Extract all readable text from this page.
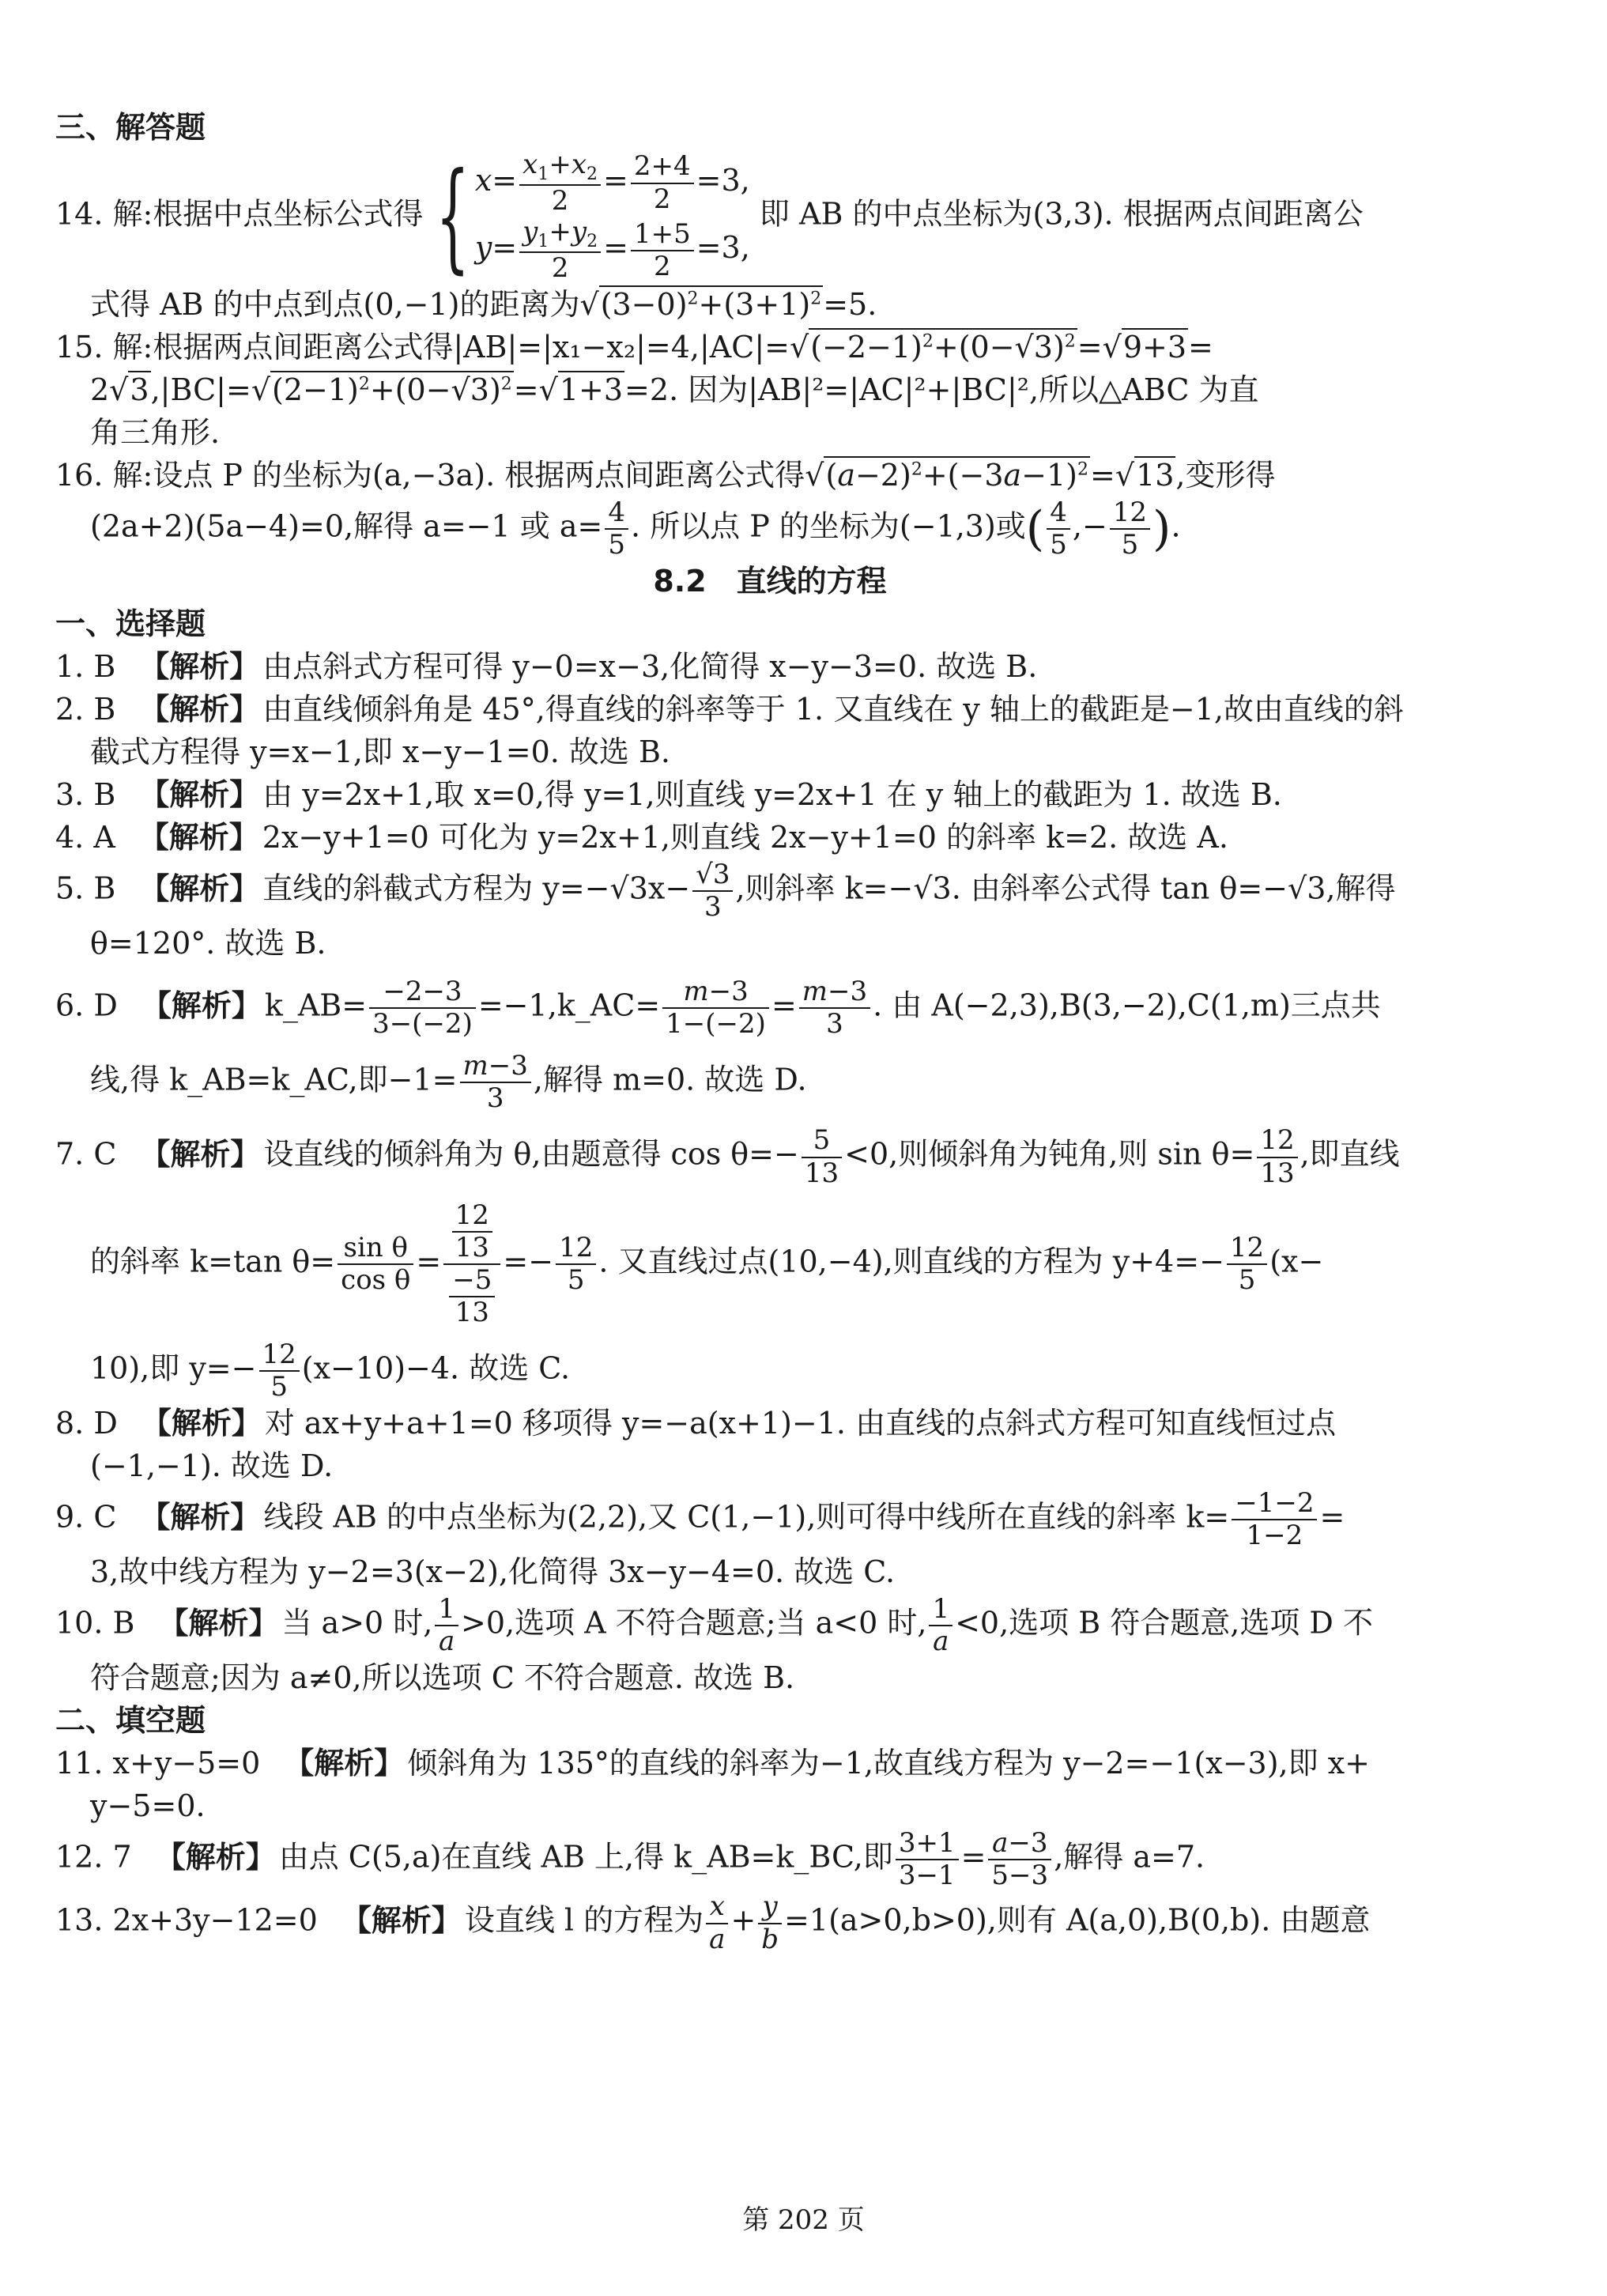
三、解答题

14. 解:根据中点坐标公式得 { $x= \frac{x_1+x_2}{2} = \frac{2+4}{2} =3$,
$y= \frac{y_1+y_2}{2} = \frac{1+5}{2} =3$,
即 AB 的中点坐标为(3,3). 根据两点间距离公

式得 AB 的中点到点(0,−1)的距离为$√(3-0)^2+(3+1)^2=5$.

15. 解:根据两点间距离公式得$|AB|=|x_1-x_2|=4,|AC|=√(-2-1)^2+(0-√3)^2=√9+3=$

$2√3,|BC|=√(2-1)^2+(0-√3)^2=√1+3=2$. 因为|AB|²=|AC|²+|BC|²,所以△ABC 为直

角三角形.

16. 解:设点 P 的坐标为(a,−3a). 根据两点间距离公式得$√(a-2)^2+(-3a-1)^2=√13$,变形得

(2a+2)(5a−4)=0,解得 a=−1 或 $a= \frac{4}{5}$ . 所以点 P 的坐标为(−1,3)或( $\frac{4}{5}$ ,− $\frac{12}{5}$ ).

8.2　直线的方程

一、选择题

1. B 【解析】 由点斜式方程可得 y−0=x−3,化简得 x−y−3=0. 故选 B.

2. B 【解析】 由直线倾斜角是 45°,得直线的斜率等于 1. 又直线在 y 轴上的截距是−1,故由直线的斜

截式方程得 y=x−1,即 x−y−1=0. 故选 B.

3. B 【解析】 由 y=2x+1,取 x=0,得 y=1,则直线 y=2x+1 在 y 轴上的截距为 1. 故选 B.

4. A 【解析】 2x−y+1=0 可化为 y=2x+1,则直线 2x−y+1=0 的斜率 k=2. 故选 A.

5. B 【解析】 直线的斜截式方程为 $y=-√3x- \frac{√3}{3}$ ,则斜率 k=−√3. 由斜率公式得 tan θ=−√3,解得

θ=120°. 故选 B.

6. D 【解析】 k_AB= $\frac{-2-3}{3-(-2)}$ =−1,k_AC= $\frac{m-3}{1-(-2)} = \frac{m-3}{3}$ . 由 A(−2,3),B(3,−2),C(1,m)三点共

线,得 k_AB=k_AC,即$-1= \frac{m-3}{3}$ ,解得 m=0. 故选 D.

7. C 【解析】 设直线的倾斜角为 θ,由题意得 $\cos \theta=- \frac{5}{13} <0$,则倾斜角为钝角,则 $\sin \theta= \frac{12}{13}$ ,即直线

的斜率 k=tan $\theta= \frac{\text{sin θ}}{\text{cos θ}} = \frac{\frac{12}{13}}{\frac{-5}{13}} =- \frac{12}{5}$ . 又直线过点(10,−4),则直线的方程为 $y+4=- \frac{12}{5} (x-$

10),即 $y=- \frac{12}{5} (x-10)-4$. 故选 C.

8. D 【解析】 对 ax+y+a+1=0 移项得 y=−a(x+1)−1. 由直线的点斜式方程可知直线恒过点

(−1,−1). 故选 D.

9. C 【解析】 线段 AB 的中点坐标为(2,2),又 C(1,−1),则可得中线所在直线的斜率 $k= \frac{-1-2}{1-2}$ =

3,故中线方程为 y−2=3(x−2),化简得 3x−y−4=0. 故选 C.

10. B 【解析】 当 a>0 时, $\frac{1}{a} >0$,选项 A 不符合题意;当 a<0 时, $\frac{1}{a} <0$,选项 B 符合题意,选项 D 不

符合题意;因为 a≠0,所以选项 C 不符合题意. 故选 B.

二、填空题

11. x+y−5=0 【解析】 倾斜角为 135°的直线的斜率为−1,故直线方程为 y−2=−1(x−3),即 x+

y−5=0.

12. 7 【解析】 由点 C(5,a)在直线 AB 上,得 k_AB=k_BC,即 $\frac{3+1}{3-1} = \frac{a-3}{5-3}$ ,解得 a=7.

13. 2x+3y−12=0 【解析】 设直线 l 的方程为 $\frac{x}{a} + \frac{y}{b} =1(a>0,b>0)$,则有 A(a,0),B(0,b). 由题意

第 202 页
